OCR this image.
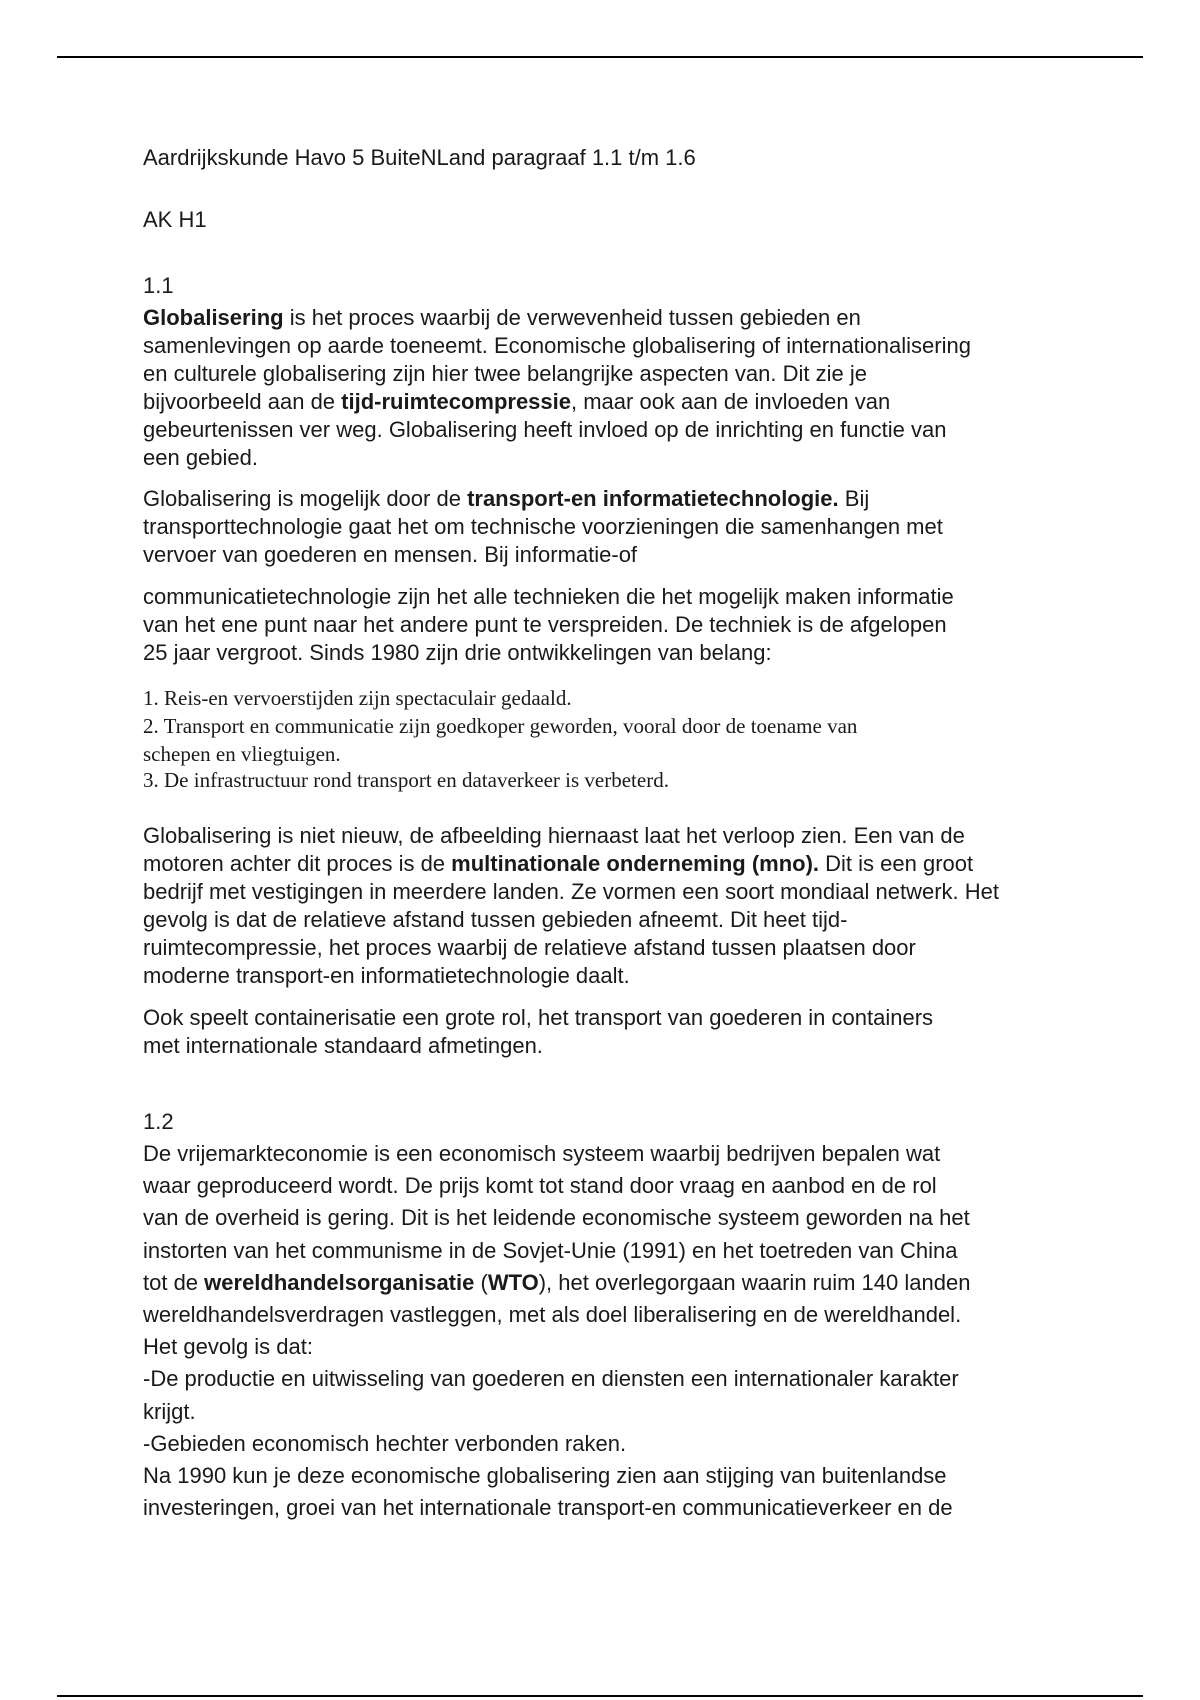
Aardrijkskunde Havo 5 BuiteNLand paragraaf 1.1 t/m 1.6
AK H1
1.1
Globalisering is het proces waarbij de verwevenheid tussen gebieden en
samenlevingen op aarde toeneemt. Economische globalisering of internationalisering
en culturele globalisering zijn hier twee belangrijke aspecten van. Dit zie je
bijvoorbeeld aan de tijd-ruimtecompressie, maar ook aan de invloeden van
gebeurtenissen ver weg. Globalisering heeft invloed op de inrichting en functie van
een gebied.
Globalisering is mogelijk door de transport-en informatietechnologie. Bij
transporttechnologie gaat het om technische voorzieningen die samenhangen met
vervoer van goederen en mensen. Bij informatie-of
communicatietechnologie zijn het alle technieken die het mogelijk maken informatie
van het ene punt naar het andere punt te verspreiden. De techniek is de afgelopen
25 jaar vergroot. Sinds 1980 zijn drie ontwikkelingen van belang:
1. Reis-en vervoerstijden zijn spectaculair gedaald.
2. Transport en communicatie zijn goedkoper geworden, vooral door de toename van
schepen en vliegtuigen.
3. De infrastructuur rond transport en dataverkeer is verbeterd.
Globalisering is niet nieuw, de afbeelding hiernaast laat het verloop zien. Een van de
motoren achter dit proces is de multinationale onderneming (mno). Dit is een groot
bedrijf met vestigingen in meerdere landen. Ze vormen een soort mondiaal netwerk. Het
gevolg is dat de relatieve afstand tussen gebieden afneemt. Dit heet tijd-
ruimtecompressie, het proces waarbij de relatieve afstand tussen plaatsen door
moderne transport-en informatietechnologie daalt.
Ook speelt containerisatie een grote rol, het transport van goederen in containers
met internationale standaard afmetingen.
1.2
De vrijemarkteconomie is een economisch systeem waarbij bedrijven bepalen wat
waar geproduceerd wordt. De prijs komt tot stand door vraag en aanbod en de rol
van de overheid is gering. Dit is het leidende economische systeem geworden na het
instorten van het communisme in de Sovjet-Unie (1991) en het toetreden van China
tot de wereldhandelsorganisatie (WTO), het overlegorgaan waarin ruim 140 landen
wereldhandelsverdragen vastleggen, met als doel liberalisering en de wereldhandel.
Het gevolg is dat:
-De productie en uitwisseling van goederen en diensten een internationaler karakter
krijgt.
-Gebieden economisch hechter verbonden raken.
Na 1990 kun je deze economische globalisering zien aan stijging van buitenlandse
investeringen, groei van het internationale transport-en communicatieverkeer en de
